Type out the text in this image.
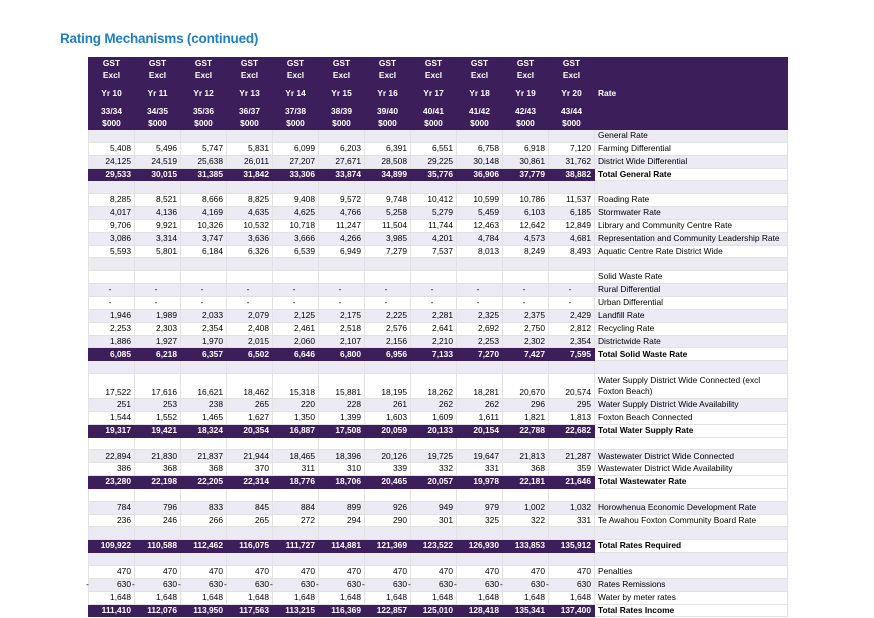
Rating Mechanisms (continued)
GST	GST	GST	GST	GST	GST	GST	GST	GST	GST	GST	Rate
Excl	Excl	Excl	Excl	Excl	Excl	Excl	Excl	Excl	Excl	Excl	

Yr 10	Yr 11	Yr 12	Yr 13	Yr 14	Yr 15	Yr 16	Yr 17	Yr 18	Yr 19	Yr 20	

33/34	34/35	35/36	36/37	37/38	38/39	39/40	40/41	41/42	42/43	43/44	
$000	$000	$000	$000	$000	$000	$000	$000	$000	$000	$000	
											General Rate
5,408	5,496	5,747	5,831	6,099	6,203	6,391	6,551	6,758	6,918	7,120	Farming Differential
24,125	24,519	25,638	26,011	27,207	27,671	28,508	29,225	30,148	30,861	31,762	District Wide Differential
29,533	30,015	31,385	31,842	33,306	33,874	34,899	35,776	36,906	37,779	38,882	Total General Rate

8,285	8,521	8,666	8,825	9,408	9,572	9,748	10,412	10,599	10,786	11,537	Roading Rate
4,017	4,136	4,169	4,635	4,625	4,766	5,258	5,279	5,459	6,103	6,185	Stormwater Rate
9,706	9,921	10,326	10,532	10,718	11,247	11,504	11,744	12,463	12,642	12,849	Library and Community Centre Rate
3,086	3,314	3,747	3,636	3,666	4,266	3,985	4,201	4,784	4,573	4,681	Representation and Community Leadership Rate
5,593	5,801	6,184	6,326	6,539	6,949	7,279	7,537	8,013	8,249	8,493	Aquatic Centre Rate District Wide

											Solid Waste Rate
-	-	-	-	-	-	-	-	-	-	-	Rural Differential
-	-	-	-	-	-	-	-	-	-	-	Urban Differential
1,946	1,989	2,033	2,079	2,125	2,175	2,225	2,281	2,325	2,375	2,429	Landfill Rate
2,253	2,303	2,354	2,408	2,461	2,518	2,576	2,641	2,692	2,750	2,812	Recycling Rate
1,886	1,927	1,970	2,015	2,060	2,107	2,156	2,210	2,253	2,302	2,354	Districtwide Rate
6,085	6,218	6,357	6,502	6,646	6,800	6,956	7,133	7,270	7,427	7,595	Total Solid Waste Rate

17,522	17,616	16,621	18,462	15,318	15,881	18,195	18,262	18,281	20,670	20,574	Water Supply District Wide Connected (excl Foxton Beach)
251	253	238	265	220	228	261	262	262	296	295	Water Supply District Wide Availability
1,544	1,552	1,465	1,627	1,350	1,399	1,603	1,609	1,611	1,821	1,813	Foxton Beach Connected
19,317	19,421	18,324	20,354	16,887	17,508	20,059	20,133	20,154	22,788	22,682	Total Water Supply Rate

22,894	21,830	21,837	21,944	18,465	18,396	20,126	19,725	19,647	21,813	21,287	Wastewater District Wide Connected
386	368	368	370	311	310	339	332	331	368	359	Wastewater District Wide Availability
23,280	22,198	22,205	22,314	18,776	18,706	20,465	20,057	19,978	22,181	21,646	Total Wastewater Rate

784	796	833	845	884	899	926	949	979	1,002	1,032	Horowhenua Economic Development Rate
236	246	266	265	272	294	290	301	325	322	331	Te Awahou Foxton Community Board Rate

109,922	110,588	112,462	116,075	111,727	114,881	121,369	123,522	126,930	133,853	135,912	Total Rates Required

470	470	470	470	470	470	470	470	470	470	470	Penalties

- 630	- 630	- 630	- 630	- 630	- 630	- 630	- 630	- 630	- 630	- 630	Rates Remissions
1,648	1,648	1,648	1,648	1,648	1,648	1,648	1,648	1,648	1,648	1,648	Water by meter rates
111,410	112,076	113,950	117,563	113,215	116,369	122,857	125,010	128,418	135,341	137,400	Total Rates Income
